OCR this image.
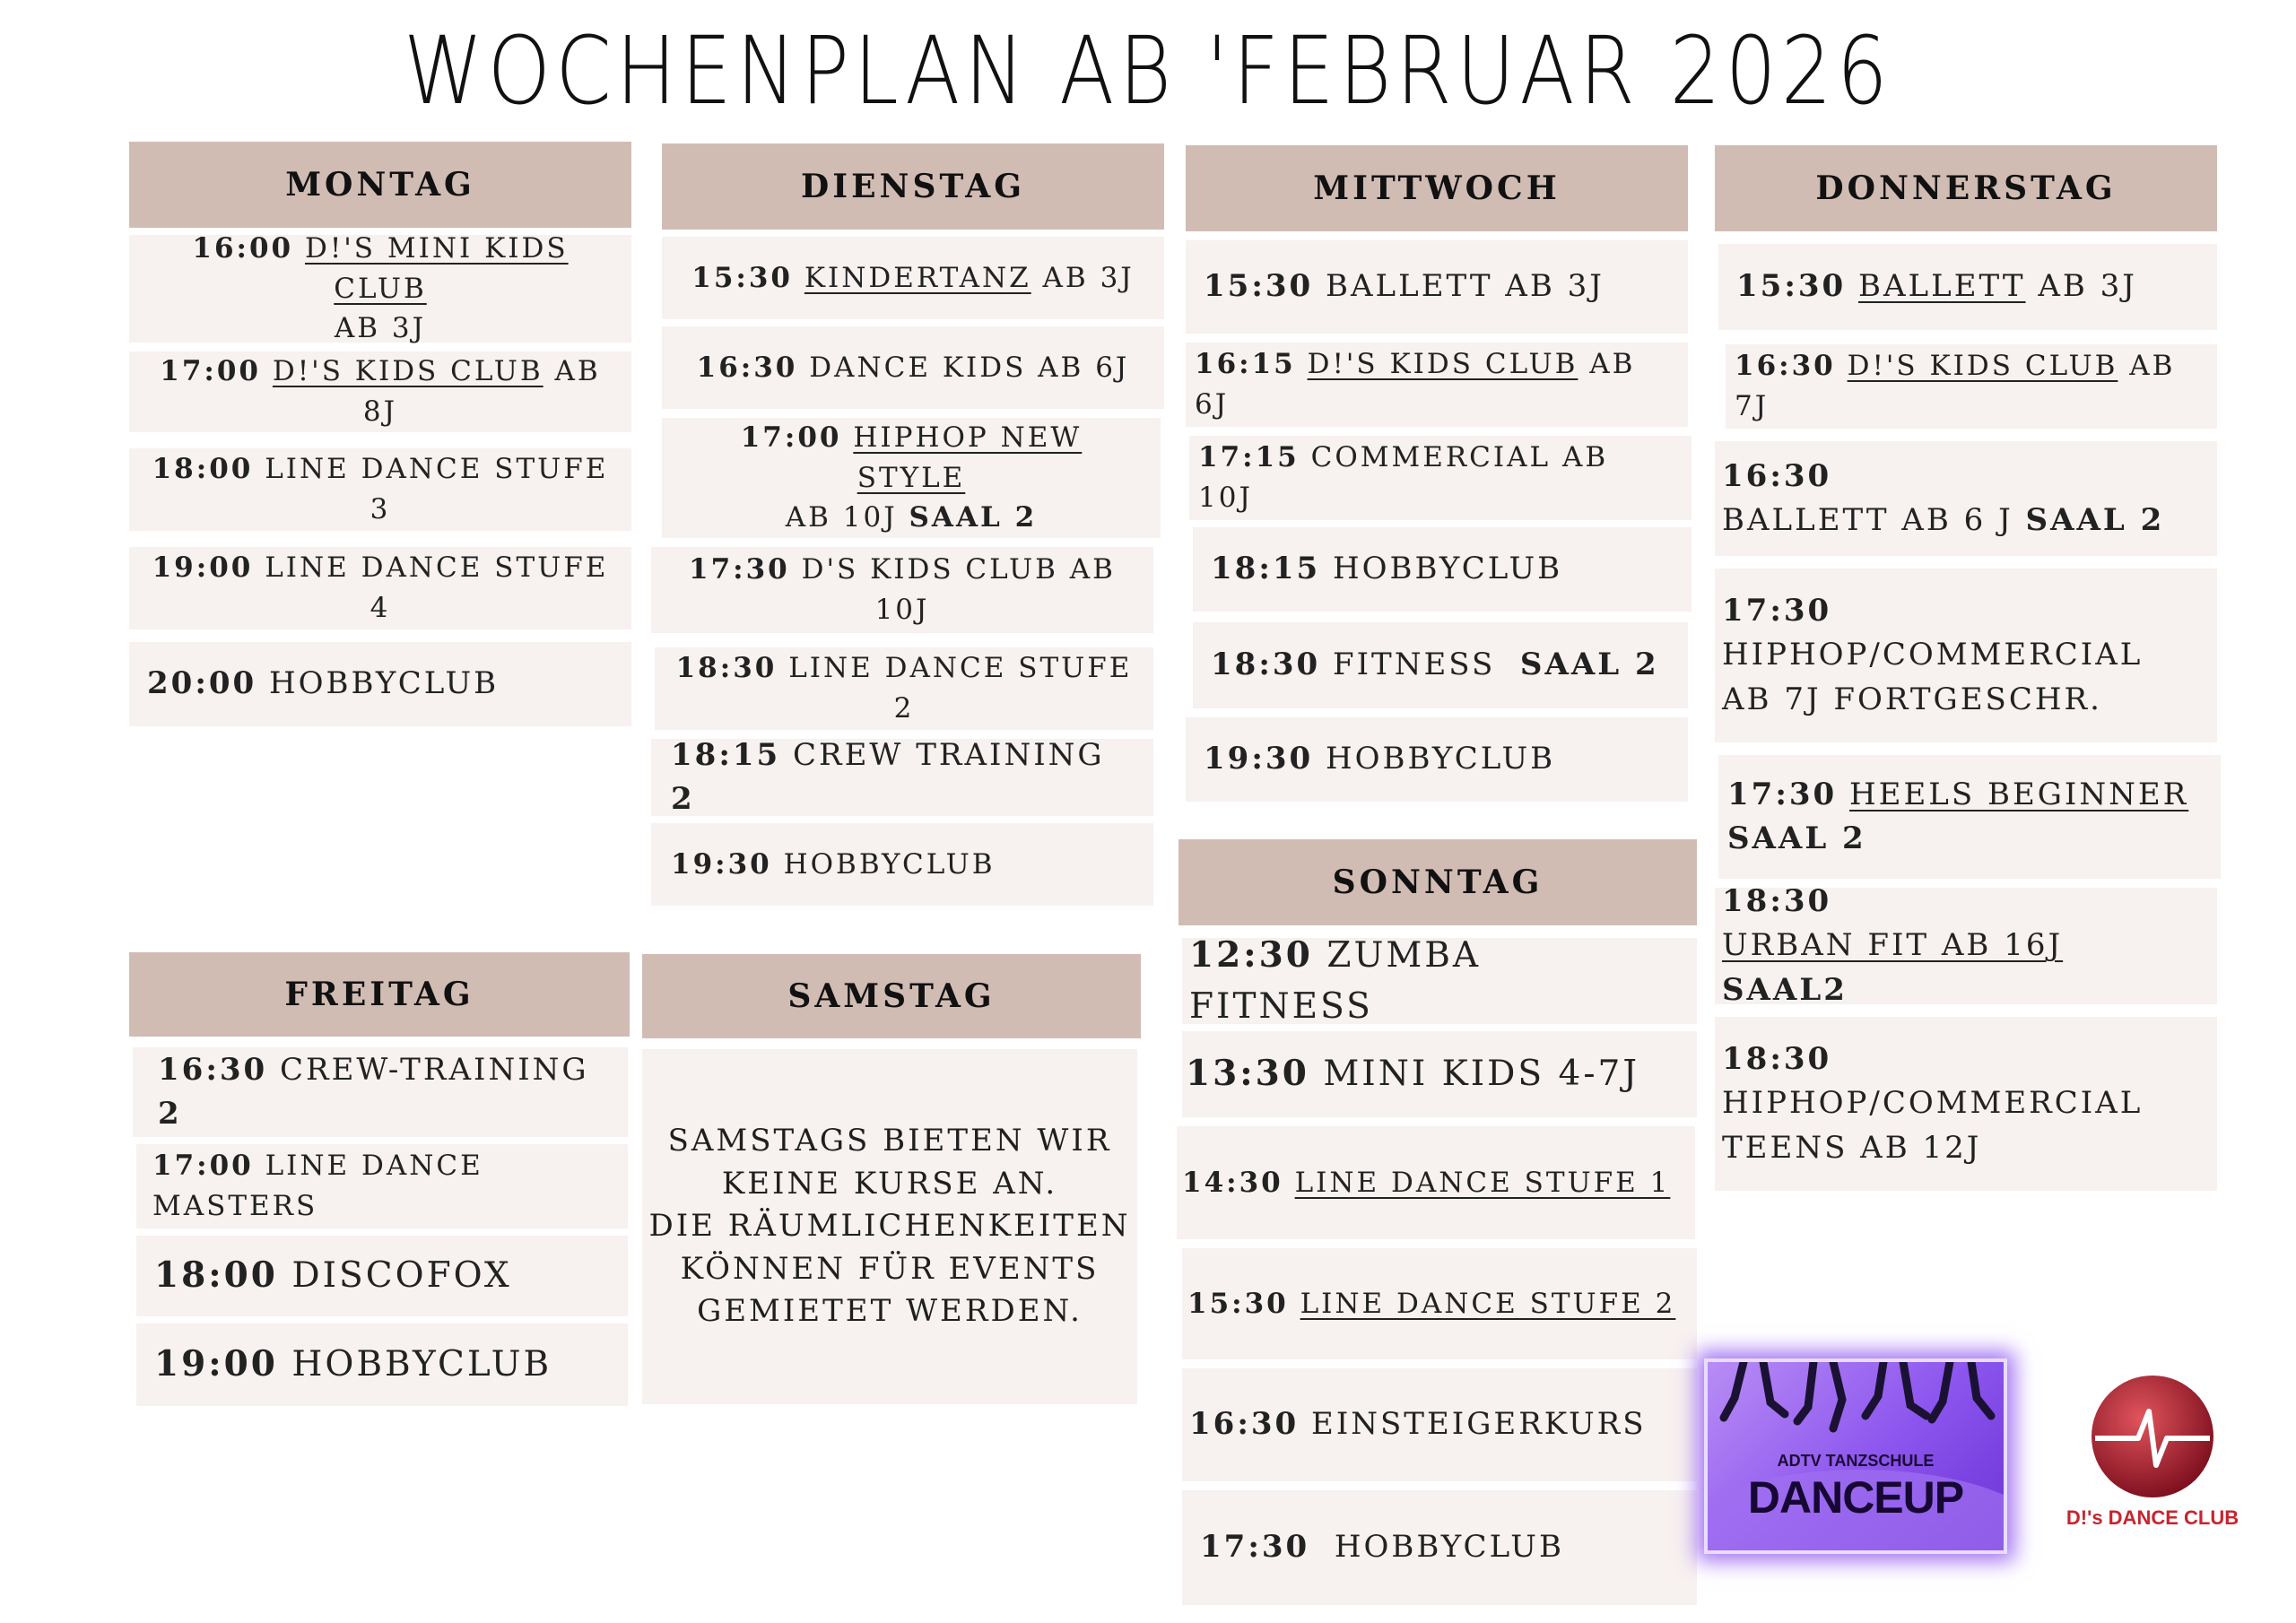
WOCHENPLAN AB 'FEBRUAR 2026
MONTAG
16:00 D!'S MINI KIDS CLUB
AB 3J
17:00 D!'S KIDS CLUB AB 8J
18:00 LINE DANCE STUFE 3
19:00 LINE DANCE STUFE 4
20:00 HOBBYCLUB
DIENSTAG
15:30 KINDERTANZ AB 3J
16:30 DANCE KIDS AB 6J
17:00 HIPHOP NEW STYLE
AB 10J SAAL 2
17:30 D'S KIDS CLUB AB 10J
18:30 LINE DANCE STUFE 2
18:15 CREW TRAINING 2
19:30 HOBBYCLUB
MITTWOCH
15:30 BALLETT AB 3J
16:15 D!'S KIDS CLUB AB 6J
17:15 COMMERCIAL AB 10J
18:15 HOBBYCLUB
18:30 FITNESS SAAL 2
19:30 HOBBYCLUB
SONNTAG
12:30 ZUMBA FITNESS
13:30 MINI KIDS 4-7J
14:30 LINE DANCE STUFE 1
15:30 LINE DANCE STUFE 2
16:30 EINSTEIGERKURS
17:30 HOBBYCLUB
DONNERSTAG
15:30 BALLETT AB 3J
16:30 D!'S KIDS CLUB AB 7J
16:30
BALLETT AB 6 J SAAL 2
17:30
HIPHOP/COMMERCIAL
AB 7J FORTGESCHR.
17:30 HEELS BEGINNER
SAAL 2
18:30
URBAN FIT AB 16J SAAL2
18:30
HIPHOP/COMMERCIAL
TEENS AB 12J
FREITAG
16:30 CREW-TRAINING 2
17:00 LINE DANCE MASTERS
18:00 DISCOFOX
19:00 HOBBYCLUB
SAMSTAG
SAMSTAGS BIETEN WIR
KEINE KURSE AN.
DIE RÄUMLICHENKEITEN
KÖNNEN FÜR EVENTS
GEMIETET WERDEN.
ADTV TANZSCHULE
DANCEUP	D!'s DANCE CLUB
